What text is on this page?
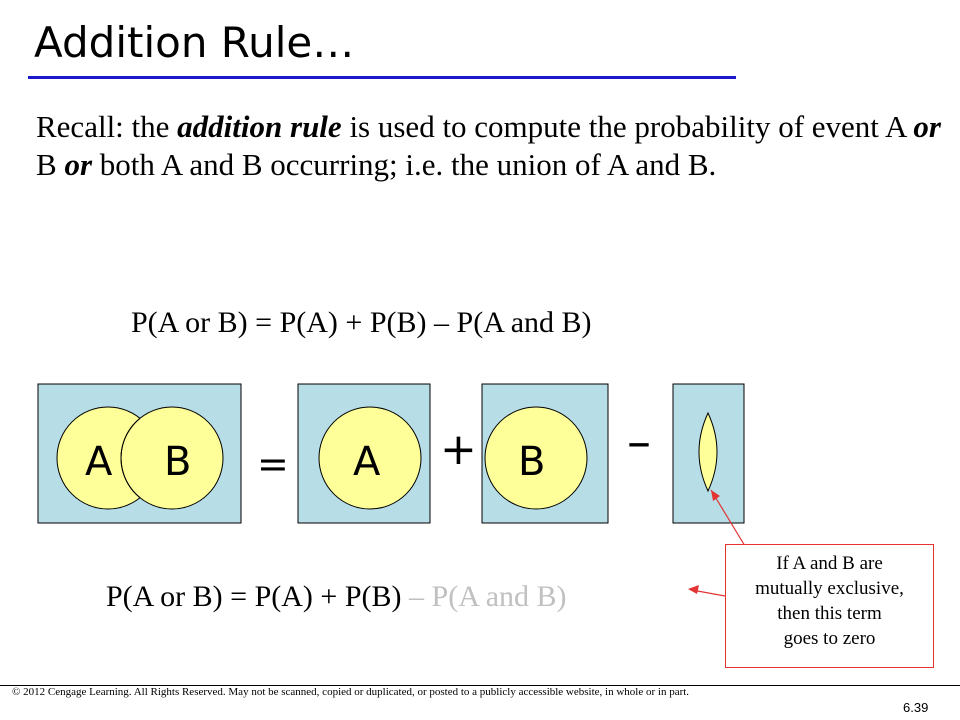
Addition Rule…
Recall: the addition rule is used to compute the probability of event A or B or both A and B occurring; i.e. the union of A and B.
P(A or B) = P(A) + P(B) – P(A and B)
A B = A + B –
P(A or B) = P(A) + P(B) – P(A and B)
If A and B are
mutually exclusive,
then this term
goes to zero
© 2012 Cengage Learning. All Rights Reserved. May not be scanned, copied or duplicated, or posted to a publicly accessible website, in whole or in part.
6.39
